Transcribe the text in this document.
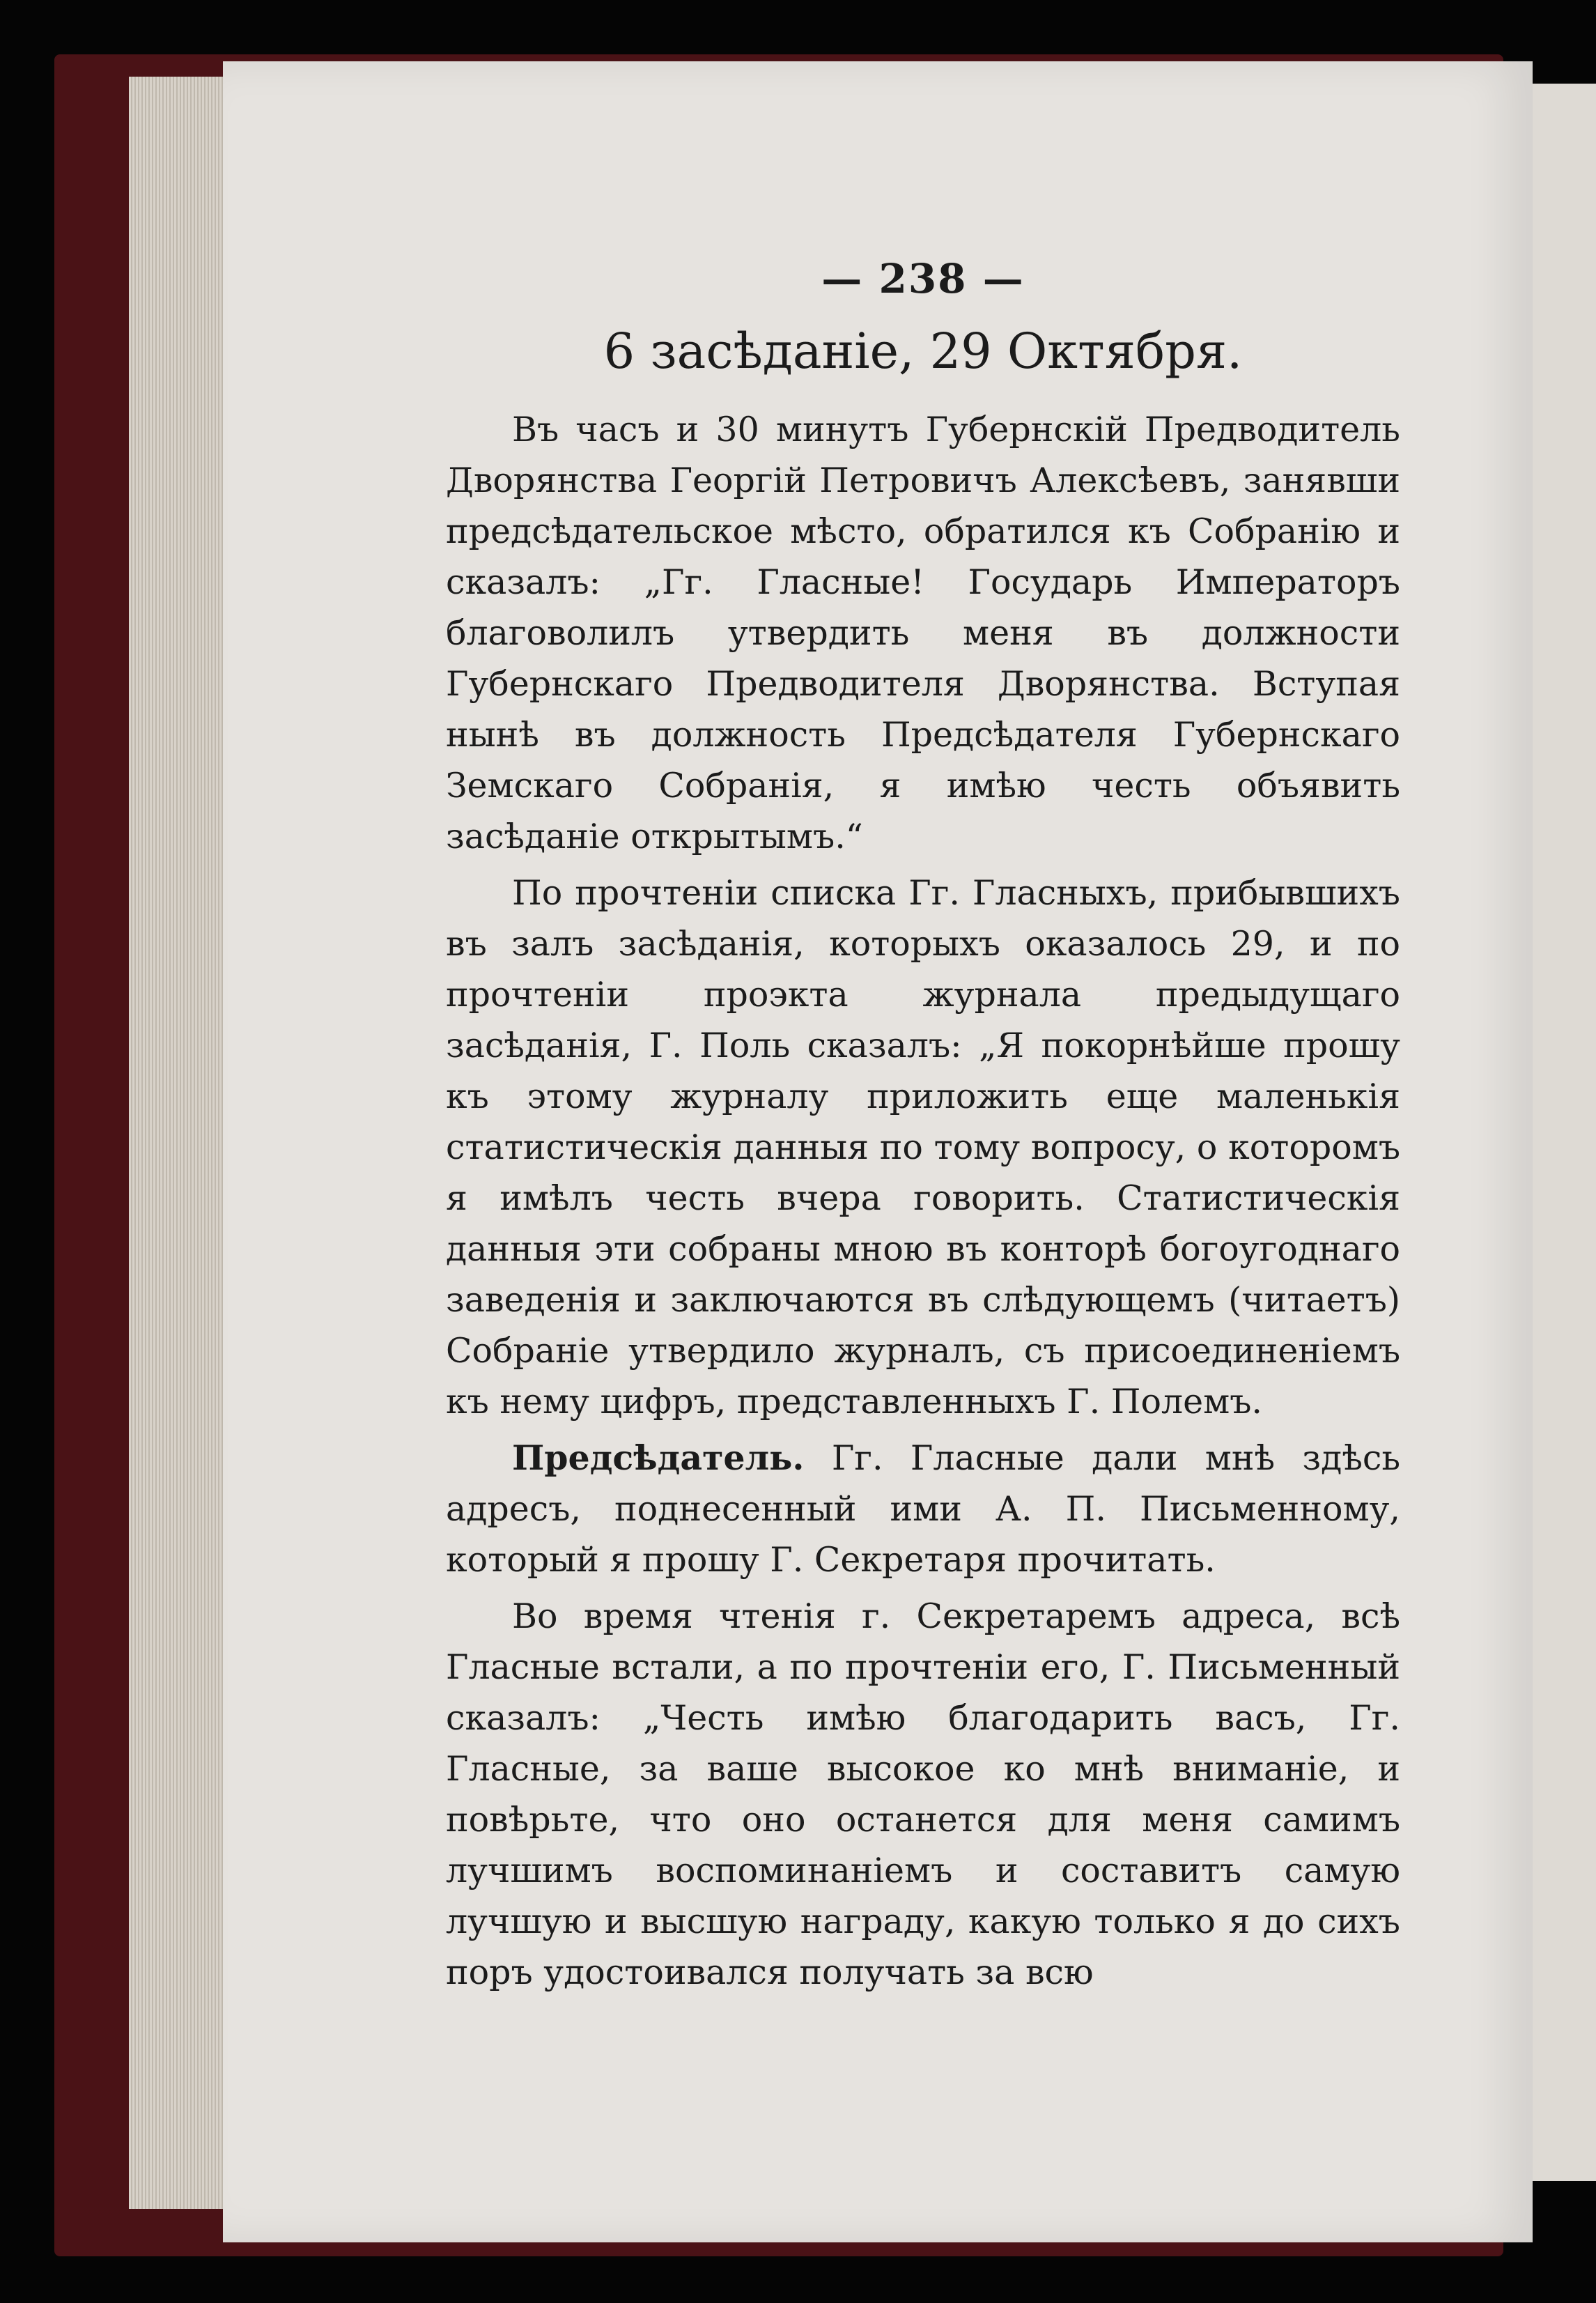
— 238 —
6 засѣданіе, 29 Октября.

Въ часъ и 30 минутъ Губернскій Предводитель Дворянства Георгій Петровичъ Алексѣевъ, занявши предсѣдательское мѣсто, обратился къ Собранію и сказалъ: „Гг. Гласные! Государь Императоръ благоволилъ утвердить меня въ должности Губернскаго Предводителя Дворянства. Вступая нынѣ въ должность Предсѣдателя Губернскаго Земскаго Собранія, я имѣю честь объявить засѣданіе открытымъ.“

По прочтеніи списка Гг. Гласныхъ, прибывшихъ въ залъ засѣданія, которыхъ оказалось 29, и по прочтеніи проэкта журнала предыдущаго засѣданія, Г. Поль сказалъ: „Я покорнѣйше прошу къ этому журналу приложить еще маленькія статистическія данныя по тому вопросу, о которомъ я имѣлъ честь вчера говорить. Статистическія данныя эти собраны мною въ конторѣ богоугоднаго заведенія и заключаются въ слѣдующемъ (читаетъ) Собраніе утвердило журналъ, съ присоединеніемъ къ нему цифръ, представленныхъ Г. Полемъ.

Предсѣдатель. Гг. Гласные дали мнѣ здѣсь адресъ, поднесенный ими А. П. Письменному, который я прошу Г. Секретаря прочитать.

Во время чтенія г. Секретаремъ адреса, всѣ Гласные встали, а по прочтеніи его, Г. Письменный сказалъ: „Честь имѣю благодарить васъ, Гг. Гласные, за ваше высокое ко мнѣ вниманіе, и повѣрьте, что оно останется для меня самимъ лучшимъ воспоминаніемъ и составитъ самую лучшую и высшую награду, какую только я до сихъ поръ удостоивался получать за всю
